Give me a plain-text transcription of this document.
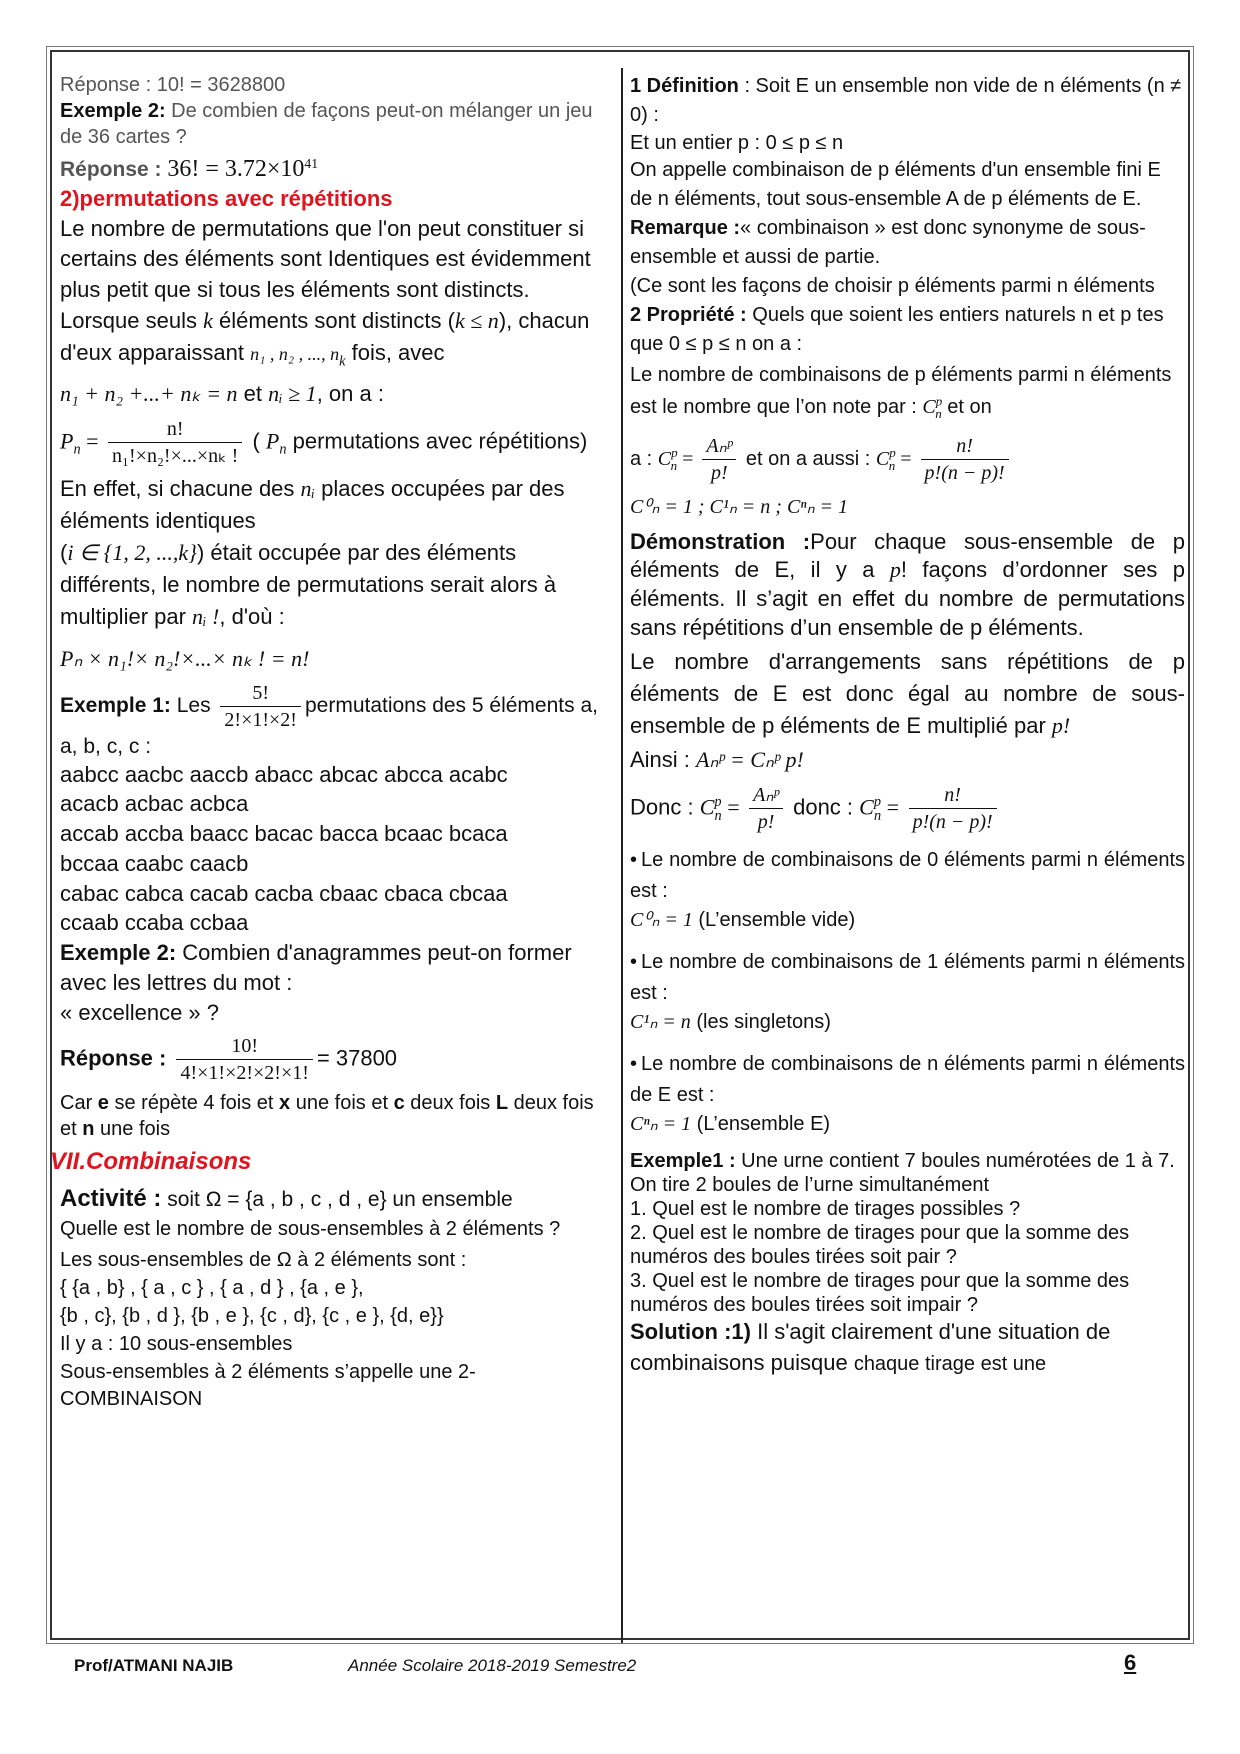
Réponse : 10! = 3628800

Exemple 2: De combien de façons peut-on mélanger un jeu de 36 cartes ?

Réponse : 36! = $3.72\times 10^{41}$

2)permutations avec répétitions

Le nombre de permutations que l'on peut constituer si certains des éléments sont Identiques est évidemment plus petit que si tous les éléments sont distincts.

Lorsque seuls k éléments sont distincts (k ≤ n), chacun d'eux apparaissant n₁ , n₂ , ..., $n_k$ fois, avec

n₁ + n₂ +...+ nₖ = n et nᵢ ≥ 1, on a :

$P_n = \frac{n!}{\text{n₁!×n₂!×...×nₖ !}}$ ( $P_n$ permutations avec répétitions)

En effet, si chacune des nᵢ places occupées par des éléments identiques
(i ∈ {1, 2, ...,k}) était occupée par des éléments différents, le nombre de permutations serait alors à multiplier par nᵢ !, d'où :

Pₙ × n₁!× n₂!×...× nₖ ! = n!

Exemple 1: Les $\frac{5!}{2!\times 1!\times 2!}$ permutations des 5 éléments a, a, b, c, c :
aabcc aacbc aaccb abacc abcac abcca acabc
acacb acbac acbca
accab accba baacc bacac bacca bcaac bcaca
bccaa caabc caacb
cabac cabca cacab cacba cbaac cbaca cbcaa
ccaab ccaba ccbaa

Exemple 2: Combien d'anagrammes peut-on former avec les lettres du mot :

« excellence » ?

Réponse : $\frac{10!}{4!\times 1!\times 2!\times 2!\times 1!} = 37800$

Car e se répète 4 fois et x une fois et c deux fois L deux fois et n une fois

VII.Combinaisons

Activité : soit Ω = {a , b , c , d , e} un ensemble

Quelle est le nombre de sous-ensembles à 2 éléments ?

Les sous-ensembles de Ω à 2 éléments sont :

{ {a , b} , { a , c } , { a , d } , {a , e },

{b , c}, {b , d }, {b , e }, {c , d}, {c , e }, {d, e}}

Il y a : 10 sous-ensembles

Sous-ensembles à 2 éléments s’appelle une 2-COMBINAISON

1 Définition : Soit E un ensemble non vide de n éléments (n ≠ 0) :

Et un entier p : 0 ≤ p ≤ n

On appelle combinaison de p éléments d'un ensemble fini E de n éléments, tout sous-ensemble A de p éléments de E.

Remarque :« combinaison » est donc synonyme de sous-ensemble et aussi de partie.

(Ce sont les façons de choisir p éléments parmi n éléments

2 Propriété : Quels que soient les entiers naturels n et p tes que 0 ≤ p ≤ n on a :

Le nombre de combinaisons de p éléments parmi n éléments est le nombre que l’on note par : $C^p_n$ et on

a : $C^p_n = \frac{\text{Aₙᵖ}}{p!}$ et on a aussi : $C^p_n = \frac{n!}{p!(n - p)!}$

C⁰ₙ = 1 ; C¹ₙ = n ; Cⁿₙ = 1

Démonstration :Pour chaque sous-ensemble de p éléments de E, il y a p! façons d’ordonner ses p éléments. Il s’agit en effet du nombre de permutations sans répétitions d’un ensemble de p éléments.

Le nombre d'arrangements sans répétitions de p éléments de E est donc égal au nombre de sous-ensemble de p éléments de E multiplié par p!

Ainsi : Aₙᵖ = Cₙᵖ p!

Donc : $C^p_n = \frac{\text{Aₙᵖ}}{p!}$ donc : $C^p_n = \frac{n!}{p!(n - p)!}$

• Le nombre de combinaisons de 0 éléments parmi n éléments est :

C⁰ₙ = 1 (L’ensemble vide)

• Le nombre de combinaisons de 1 éléments parmi n éléments est :

C¹ₙ = n (les singletons)

• Le nombre de combinaisons de n éléments parmi n éléments de E est :

Cⁿₙ = 1 (L’ensemble E)

Exemple1 : Une urne contient 7 boules numérotées de 1 à 7.

On tire 2 boules de l’urne simultanément

1. Quel est le nombre de tirages possibles ?

2. Quel est le nombre de tirages pour que la somme des numéros des boules tirées soit pair ?

3. Quel est le nombre de tirages pour que la somme des numéros des boules tirées soit impair ?

Solution :1) Il s'agit clairement d'une situation de combinaisons puisque chaque tirage est une

Prof/ATMANI NAJIB	Année Scolaire 2018-2019 Semestre2	6
